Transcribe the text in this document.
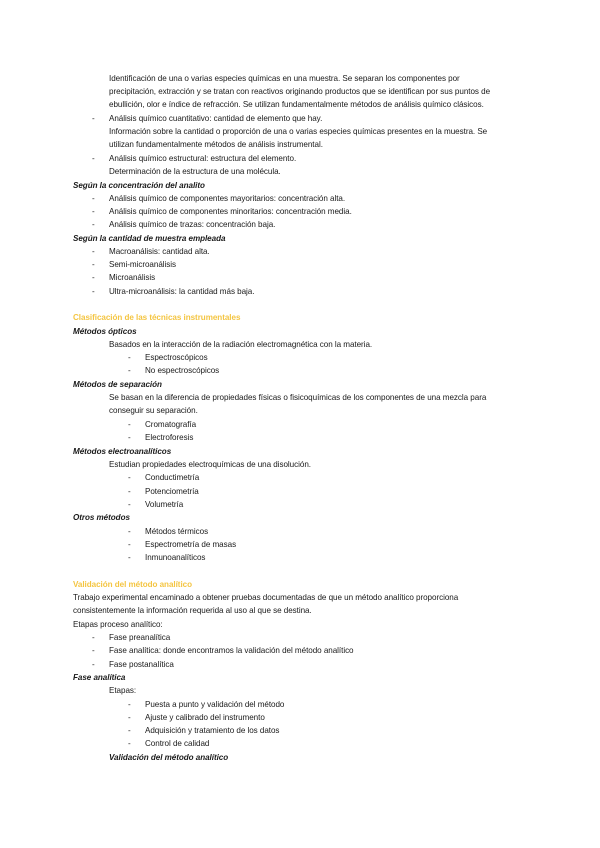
Identificación de una o varias especies químicas en una muestra. Se separan los componentes por
precipitación, extracción y se tratan con reactivos originando productos que se identifican por sus puntos de
ebullición, olor e índice de refracción. Se utilizan fundamentalmente métodos de análisis químico clásicos.
- Análisis químico cuantitativo: cantidad de elemento que hay.
Información sobre la cantidad o proporción de una o varias especies químicas presentes en la muestra. Se
utilizan fundamentalmente métodos de análisis instrumental.
- Análisis químico estructural: estructura del elemento.
Determinación de la estructura de una molécula.
Según la concentración del analito
- Análisis químico de componentes mayoritarios: concentración alta.
- Análisis químico de componentes minoritarios: concentración media.
- Análisis químico de trazas: concentración baja.
Según la cantidad de muestra empleada
- Macroanálisis: cantidad alta.
- Semi-microanálisis
- Microanálisis
- Ultra-microanálisis: la cantidad más baja.
Clasificación de las técnicas instrumentales
Métodos ópticos
Basados en la interacción de la radiación electromagnética con la materia.
- Espectroscópicos
- No espectroscópicos
Métodos de separación
Se basan en la diferencia de propiedades físicas o fisicoquímicas de los componentes de una mezcla para
conseguir su separación.
- Cromatografía
- Electroforesis
Métodos electroanalíticos
Estudian propiedades electroquímicas de una disolución.
- Conductimetría
- Potenciometría
- Volumetría
Otros métodos
- Métodos térmicos
- Espectrometría de masas
- Inmunoanalíticos
Validación del método analítico
Trabajo experimental encaminado a obtener pruebas documentadas de que un método analítico proporciona
consistentemente la información requerida al uso al que se destina.
Etapas proceso analítico:
- Fase preanalítica
- Fase analítica: donde encontramos la validación del método analítico
- Fase postanalítica
Fase analítica
Etapas:
- Puesta a punto y validación del método
- Ajuste y calibrado del instrumento
- Adquisición y tratamiento de los datos
- Control de calidad
Validación del método analítico
